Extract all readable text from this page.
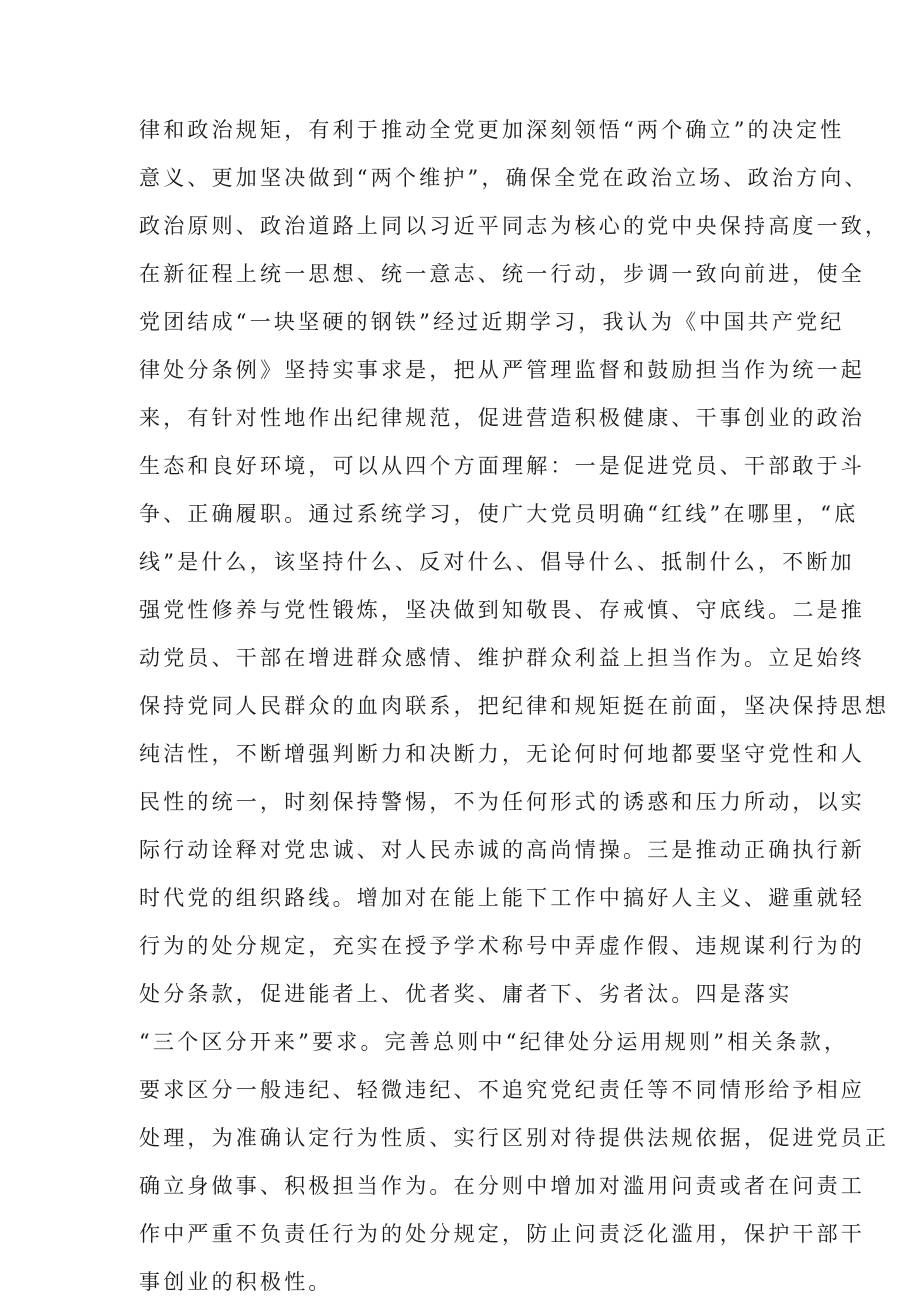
律和政治规矩，有利于推动全党更加深刻领悟“两个确立”的决定性
意义、更加坚决做到“两个维护”，确保全党在政治立场、政治方向、
政治原则、政治道路上同以习近平同志为核心的党中央保持高度一致，
在新征程上统一思想、统一意志、统一行动，步调一致向前进，使全
党团结成“一块坚硬的钢铁”经过近期学习，我认为《中国共产党纪
律处分条例》坚持实事求是，把从严管理监督和鼓励担当作为统一起
来，有针对性地作出纪律规范，促进营造积极健康、干事创业的政治
生态和良好环境，可以从四个方面理解：一是促进党员、干部敢于斗
争、正确履职。通过系统学习，使广大党员明确“红线”在哪里，“底
线”是什么，该坚持什么、反对什么、倡导什么、抵制什么，不断加
强党性修养与党性锻炼，坚决做到知敬畏、存戒慎、守底线。二是推
动党员、干部在增进群众感情、维护群众利益上担当作为。立足始终
保持党同人民群众的血肉联系，把纪律和规矩挺在前面，坚决保持思想
纯洁性，不断增强判断力和决断力，无论何时何地都要坚守党性和人
民性的统一，时刻保持警惕，不为任何形式的诱惑和压力所动，以实
际行动诠释对党忠诚、对人民赤诚的高尚情操。三是推动正确执行新
时代党的组织路线。增加对在能上能下工作中搞好人主义、避重就轻
行为的处分规定，充实在授予学术称号中弄虚作假、违规谋利行为的
处分条款，促进能者上、优者奖、庸者下、劣者汰。四是落实
“三个区分开来”要求。完善总则中“纪律处分运用规则”相关条款，
要求区分一般违纪、轻微违纪、不追究党纪责任等不同情形给予相应
处理，为准确认定行为性质、实行区别对待提供法规依据，促进党员正
确立身做事、积极担当作为。在分则中增加对滥用问责或者在问责工
作中严重不负责任行为的处分规定，防止问责泛化滥用，保护干部干
事创业的积极性。
